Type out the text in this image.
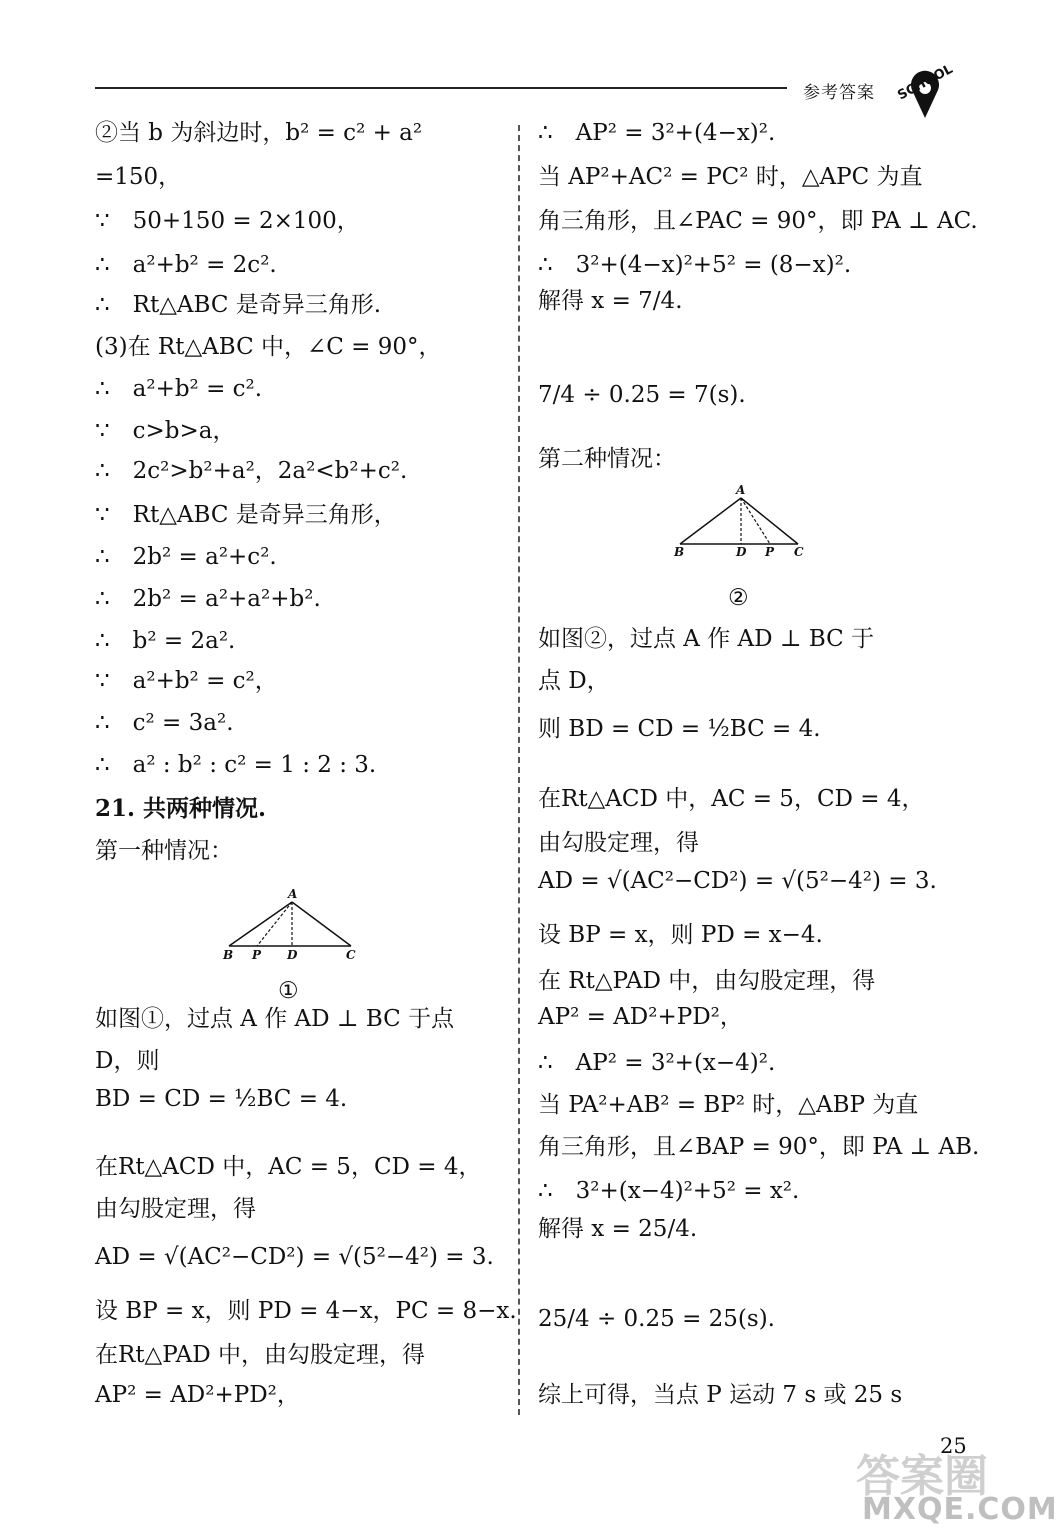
参考答案 SCHOOL
②当 b 为斜边时，b² = c² + a²
=150，
∵　50+150 = 2×100，
∴　a²+b² = 2c².
∴　Rt△ABC 是奇异三角形.
(3)在 Rt△ABC 中，∠C = 90°，
∴　a²+b² = c².
∵　c>b>a，
∴　2c²>b²+a²，2a²<b²+c².
∵　Rt△ABC 是奇异三角形，
∴　2b² = a²+c².
∴　2b² = a²+a²+b².
∴　b² = 2a².
∵　a²+b² = c²，
∴　c² = 3a².
∴　a² : b² : c² = 1 : 2 : 3.
21. 共两种情况.
第一种情况：
如图①，过点 A 作 AD ⊥ BC 于点
D，则
BD = CD = ½BC = 4.
在Rt△ACD 中，AC = 5，CD = 4，
由勾股定理，得
AD = √(AC²−CD²) = √(5²−4²) = 3.
设 BP = x，则 PD = 4−x，PC = 8−x.
在Rt△PAD 中，由勾股定理，得
AP² = AD²+PD²，
∴　AP² = 3²+(4−x)².
当 AP²+AC² = PC² 时，△APC 为直
角三角形，且∠PAC = 90°，即 PA ⊥ AC.
∴　3²+(4−x)²+5² = (8−x)².
解得 x = 7/4.
7/4 ÷ 0.25 = 7(s).
第二种情况：
如图②，过点 A 作 AD ⊥ BC 于
点 D，
则 BD = CD = ½BC = 4.
在Rt△ACD 中，AC = 5，CD = 4，
由勾股定理，得
AD = √(AC²−CD²) = √(5²−4²) = 3.
设 BP = x，则 PD = x−4.
在 Rt△PAD 中，由勾股定理，得
AP² = AD²+PD²，
∴　AP² = 3²+(x−4)².
当 PA²+AB² = BP² 时，△ABP 为直
角三角形，且∠BAP = 90°，即 PA ⊥ AB.
∴　3²+(x−4)²+5² = x².
解得 x = 25/4.
25/4 ÷ 0.25 = 25(s).
综上可得，当点 P 运动 7 s 或 25 s
A
B P D	C
①
A
B	D P C
②
答案圈
MXQE.COM
25
